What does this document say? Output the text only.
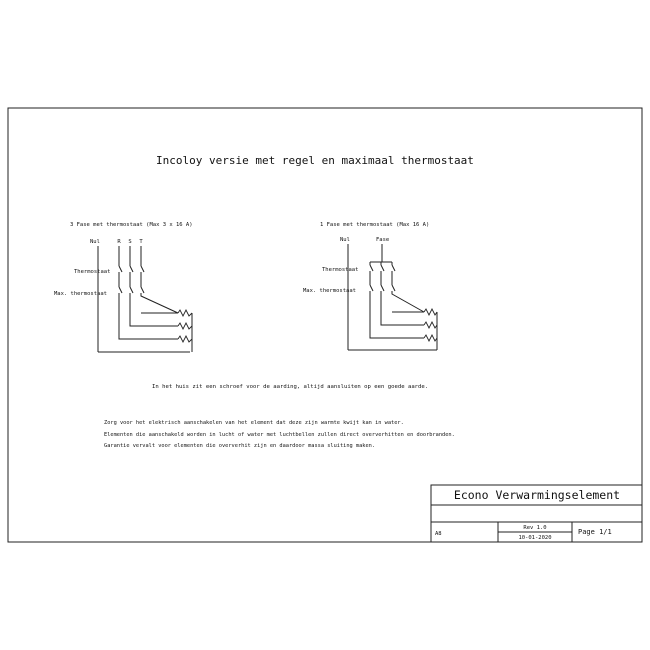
Incoloy versie met regel en maximaal thermostaat
3 Fase met thermostaat (Max 3 x 16 A)
Nul	R S T
Thermostaat
Max. thermostaat
1 Fase met thermostaat (Max 16 A)
Nul	Fase
Thermostaat
Max. thermostaat
In het huis zit een schroef voor de aarding, altijd aansluiten op een goede aarde.
Zorg voor het elektrisch aanschakelen van het element dat deze zijn warmte kwijt kan in water.
Elementen die aanschakeld worden in lucht of water met luchtbellen zullen direct oververhitten en doorbranden.
Garantie vervalt voor elementen die oververhit zijn en daardoor massa sluiting maken.
Econo Verwarmingselement
A8
Rev 1.0
10-01-2020
Page 1/1
